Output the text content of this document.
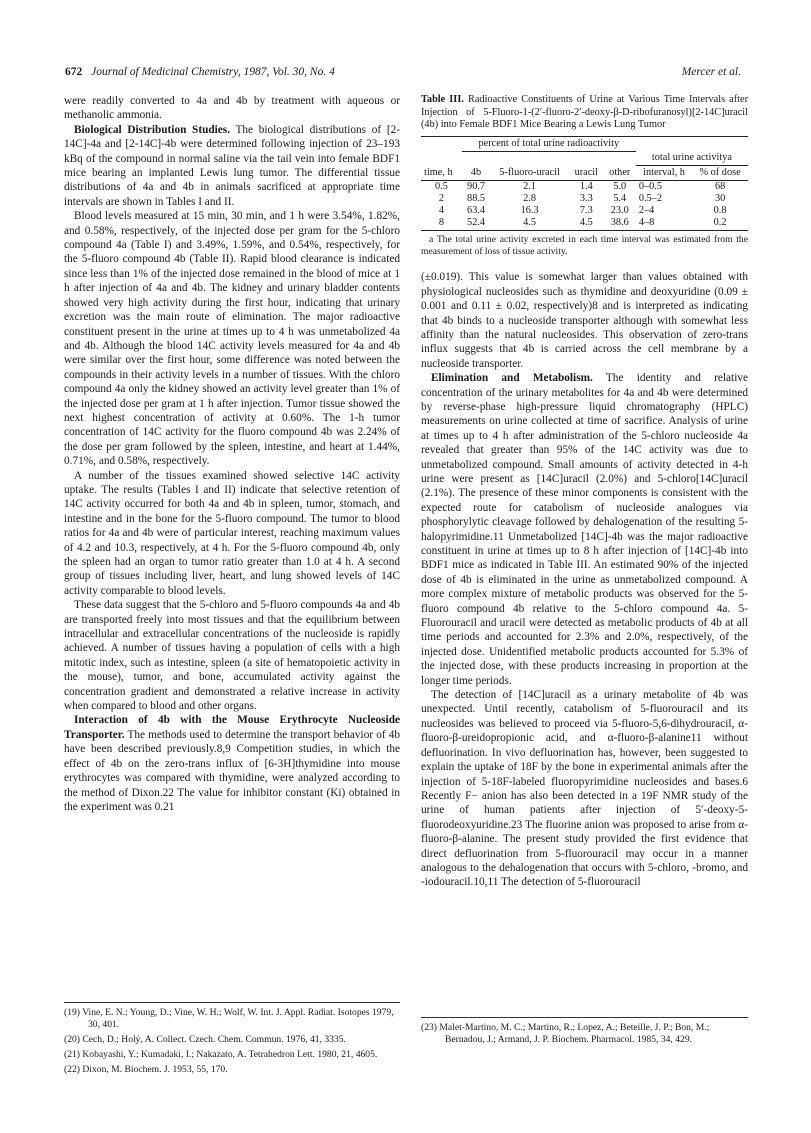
672 Journal of Medicinal Chemistry, 1987, Vol. 30, No. 4	Mercer et al.

were readily converted to 4a and 4b by treatment with aqueous or methanolic ammonia.

Biological Distribution Studies. The biological distributions of [2-14C]-4a and [2-14C]-4b were determined following injection of 23–193 kBq of the compound in normal saline via the tail vein into female BDF1 mice bearing an implanted Lewis lung tumor. The differential tissue distributions of 4a and 4b in animals sacrificed at appropriate time intervals are shown in Tables I and II.

Blood levels measured at 15 min, 30 min, and 1 h were 3.54%, 1.82%, and 0.58%, respectively, of the injected dose per gram for the 5-chloro compound 4a (Table I) and 3.49%, 1.59%, and 0.54%, respectively, for the 5-fluoro compound 4b (Table II). Rapid blood clearance is indicated since less than 1% of the injected dose remained in the blood of mice at 1 h after injection of 4a and 4b. The kidney and urinary bladder contents showed very high activity during the first hour, indicating that urinary excretion was the main route of elimination. The major radioactive constituent present in the urine at times up to 4 h was unmetabolized 4a and 4b. Although the blood 14C activity levels measured for 4a and 4b were similar over the first hour, some difference was noted between the compounds in their activity levels in a number of tissues. With the chloro compound 4a only the kidney showed an activity level greater than 1% of the injected dose per gram at 1 h after injection. Tumor tissue showed the next highest concentration of activity at 0.60%. The 1-h tumor concentration of 14C activity for the fluoro compound 4b was 2.24% of the dose per gram followed by the spleen, intestine, and heart at 1.44%, 0.71%, and 0.58%, respectively.

A number of the tissues examined showed selective 14C activity uptake. The results (Tables I and II) indicate that selective retention of 14C activity occurred for both 4a and 4b in spleen, tumor, stomach, and intestine and in the bone for the 5-fluoro compound. The tumor to blood ratios for 4a and 4b were of particular interest, reaching maximum values of 4.2 and 10.3, respectively, at 4 h. For the 5-fluoro compound 4b, only the spleen had an organ to tumor ratio greater than 1.0 at 4 h. A second group of tissues including liver, heart, and lung showed levels of 14C activity comparable to blood levels.

These data suggest that the 5-chloro and 5-fluoro compounds 4a and 4b are transported freely into most tissues and that the equilibrium between intracellular and extracellular concentrations of the nucleoside is rapidly achieved. A number of tissues having a population of cells with a high mitotic index, such as intestine, spleen (a site of hematopoietic activity in the mouse), tumor, and bone, accumulated activity against the concentration gradient and demonstrated a relative increase in activity when compared to blood and other organs.

Interaction of 4b with the Mouse Erythrocyte Nucleoside Transporter. The methods used to determine the transport behavior of 4b have been described previously.8,9 Competition studies, in which the effect of 4b on the zero-trans influx of [6-3H]thymidine into mouse erythrocytes was compared with thymidine, were analyzed according to the method of Dixon.22 The value for inhibitor constant (Ki) obtained in the experiment was 0.21

(19) Vine, E. N.; Young, D.; Vine, W. H.; Wolf, W. Int. J. Appl. Radiat. Isotopes 1979, 30, 401.
(20) Cech, D.; Holý, A. Collect. Czech. Chem. Commun. 1976, 41, 3335.
(21) Kobayashi, Y.; Kumadaki, I.; Nakazato, A. Tetrahedron Lett. 1980, 21, 4605.
(22) Dixon, M. Biochem. J. 1953, 55, 170.
Table III. Radioactive Constituents of Urine at Various Time Intervals after Injection of 5-Fluoro-1-(2′-fluoro-2′-deoxy-β-D-ribofuranosyl)[2-14C]uracil (4b) into Female BDF1 Mice Bearing a Lewis Lung Tumor
	percent of total urine radioactivity					
					total urine activitya	
time, h	4b	5-fluoro-uracil	uracil	other	interval, h	% of dose
0.5	90.7	2.1	1.4	5.0	0–0.5	68
2	88.5	2.8	3.3	5.4	0.5–2	30
4	63.4	16.3	7.3	23.0	2–4	0.8
8	52.4	4.5	4.5	38.6	4–8	0.2
a The total urine activity excreted in each time interval was estimated from the measurement of loss of tissue activity.

(±0.019). This value is somewhat larger than values obtained with physiological nucleosides such as thymidine and deoxyuridine (0.09 ± 0.001 and 0.11 ± 0.02, respectively)8 and is interpreted as indicating that 4b binds to a nucleoside transporter although with somewhat less affinity than the natural nucleosides. This observation of zero-trans influx suggests that 4b is carried across the cell membrane by a nucleoside transporter.

Elimination and Metabolism. The identity and relative concentration of the urinary metabolites for 4a and 4b were determined by reverse-phase high-pressure liquid chromatography (HPLC) measurements on urine collected at time of sacrifice. Analysis of urine at times up to 4 h after administration of the 5-chloro nucleoside 4a revealed that greater than 95% of the 14C activity was due to unmetabolized compound. Small amounts of activity detected in 4-h urine were present as [14C]uracil (2.0%) and 5-chloro[14C]uracil (2.1%). The presence of these minor components is consistent with the expected route for catabolism of nucleoside analogues via phosphorylytic cleavage followed by dehalogenation of the resulting 5-halopyrimidine.11 Unmetabolized [14C]-4b was the major radioactive constituent in urine at times up to 8 h after injection of [14C]-4b into BDF1 mice as indicated in Table III. An estimated 90% of the injected dose of 4b is eliminated in the urine as unmetabolized compound. A more complex mixture of metabolic products was observed for the 5-fluoro compound 4b relative to the 5-chloro compound 4a. 5-Fluorouracil and uracil were detected as metabolic products of 4b at all time periods and accounted for 2.3% and 2.0%, respectively, of the injected dose. Unidentified metabolic products accounted for 5.3% of the injected dose, with these products increasing in proportion at the longer time periods.

The detection of [14C]uracil as a urinary metabolite of 4b was unexpected. Until recently, catabolism of 5-fluorouracil and its nucleosides was believed to proceed via 5-fluoro-5,6-dihydrouracil, α-fluoro-β-ureidopropionic acid, and α-fluoro-β-alanine11 without defluorination. In vivo defluorination has, however, been suggested to explain the uptake of 18F by the bone in experimental animals after the injection of 5-18F-labeled fluoropyrimidine nucleosides and bases.6 Recently F− anion has also been detected in a 19F NMR study of the urine of human patients after injection of 5′-deoxy-5-fluorodeoxyuridine.23 The fluorine anion was proposed to arise from α-fluoro-β-alanine. The present study provided the first evidence that direct defluorination from 5-fluorouracil may occur in a manner analogous to the dehalogenation that occurs with 5-chloro, -bromo, and -iodouracil.10,11 The detection of 5-fluorouracil

(23) Malet-Martino, M. C.; Martino, R.; Lopez, A.; Beteille, J. P.; Bon, M.; Bernadou, J.; Armand, J. P. Biochem. Pharmacol. 1985, 34, 429.
